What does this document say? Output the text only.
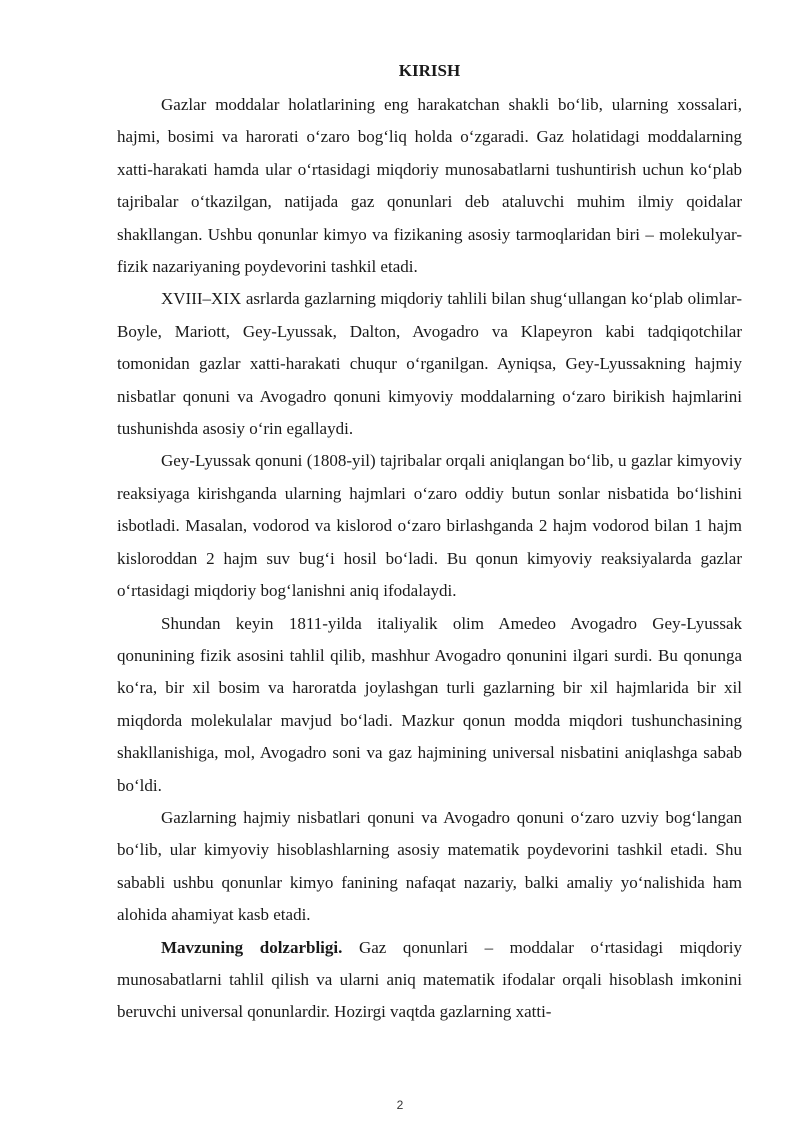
KIRISH

Gazlar moddalar holatlarining eng harakatchan shakli bo‘lib, ularning xossalari, hajmi, bosimi va harorati o‘zaro bog‘liq holda o‘zgaradi. Gaz holatidagi moddalarning xatti-harakati hamda ular o‘rtasidagi miqdoriy munosabatlarni tushuntirish uchun ko‘plab tajribalar o‘tkazilgan, natijada gaz qonunlari deb ataluvchi muhim ilmiy qoidalar shakllangan. Ushbu qonunlar kimyo va fizikaning asosiy tarmoqlaridan biri – molekulyar-fizik nazariyaning poydevorini tashkil etadi.

XVIII–XIX asrlarda gazlarning miqdoriy tahlili bilan shug‘ullangan ko‘plab olimlar-Boyle, Mariott, Gey-Lyussak, Dalton, Avogadro va Klapeyron kabi tadqiqotchilar tomonidan gazlar xatti-harakati chuqur o‘rganilgan. Ayniqsa, Gey-Lyussakning hajmiy nisbatlar qonuni va Avogadro qonuni kimyoviy moddalarning o‘zaro birikish hajmlarini tushunishda asosiy o‘rin egallaydi.

Gey-Lyussak qonuni (1808-yil) tajribalar orqali aniqlangan bo‘lib, u gazlar kimyoviy reaksiyaga kirishganda ularning hajmlari o‘zaro oddiy butun sonlar nisbatida bo‘lishini isbotladi. Masalan, vodorod va kislorod o‘zaro birlashganda 2 hajm vodorod bilan 1 hajm kisloroddan 2 hajm suv bug‘i hosil bo‘ladi. Bu qonun kimyoviy reaksiyalarda gazlar o‘rtasidagi miqdoriy bog‘lanishni aniq ifodalaydi.

Shundan keyin 1811-yilda italiyalik olim Amedeo Avogadro Gey-Lyussak qonunining fizik asosini tahlil qilib, mashhur Avogadro qonunini ilgari surdi. Bu qonunga ko‘ra, bir xil bosim va haroratda joylashgan turli gazlarning bir xil hajmlarida bir xil miqdorda molekulalar mavjud bo‘ladi. Mazkur qonun modda miqdori tushunchasining shakllanishiga, mol, Avogadro soni va gaz hajmining universal nisbatini aniqlashga sabab bo‘ldi.

Gazlarning hajmiy nisbatlari qonuni va Avogadro qonuni o‘zaro uzviy bog‘langan bo‘lib, ular kimyoviy hisoblashlarning asosiy matematik poydevorini tashkil etadi. Shu sababli ushbu qonunlar kimyo fanining nafaqat nazariy, balki amaliy yo‘nalishida ham alohida ahamiyat kasb etadi.

Mavzuning dolzarbligi. Gaz qonunlari – moddalar o‘rtasidagi miqdoriy munosabatlarni tahlil qilish va ularni aniq matematik ifodalar orqali hisoblash imkonini beruvchi universal qonunlardir. Hozirgi vaqtda gazlarning xatti-

2
